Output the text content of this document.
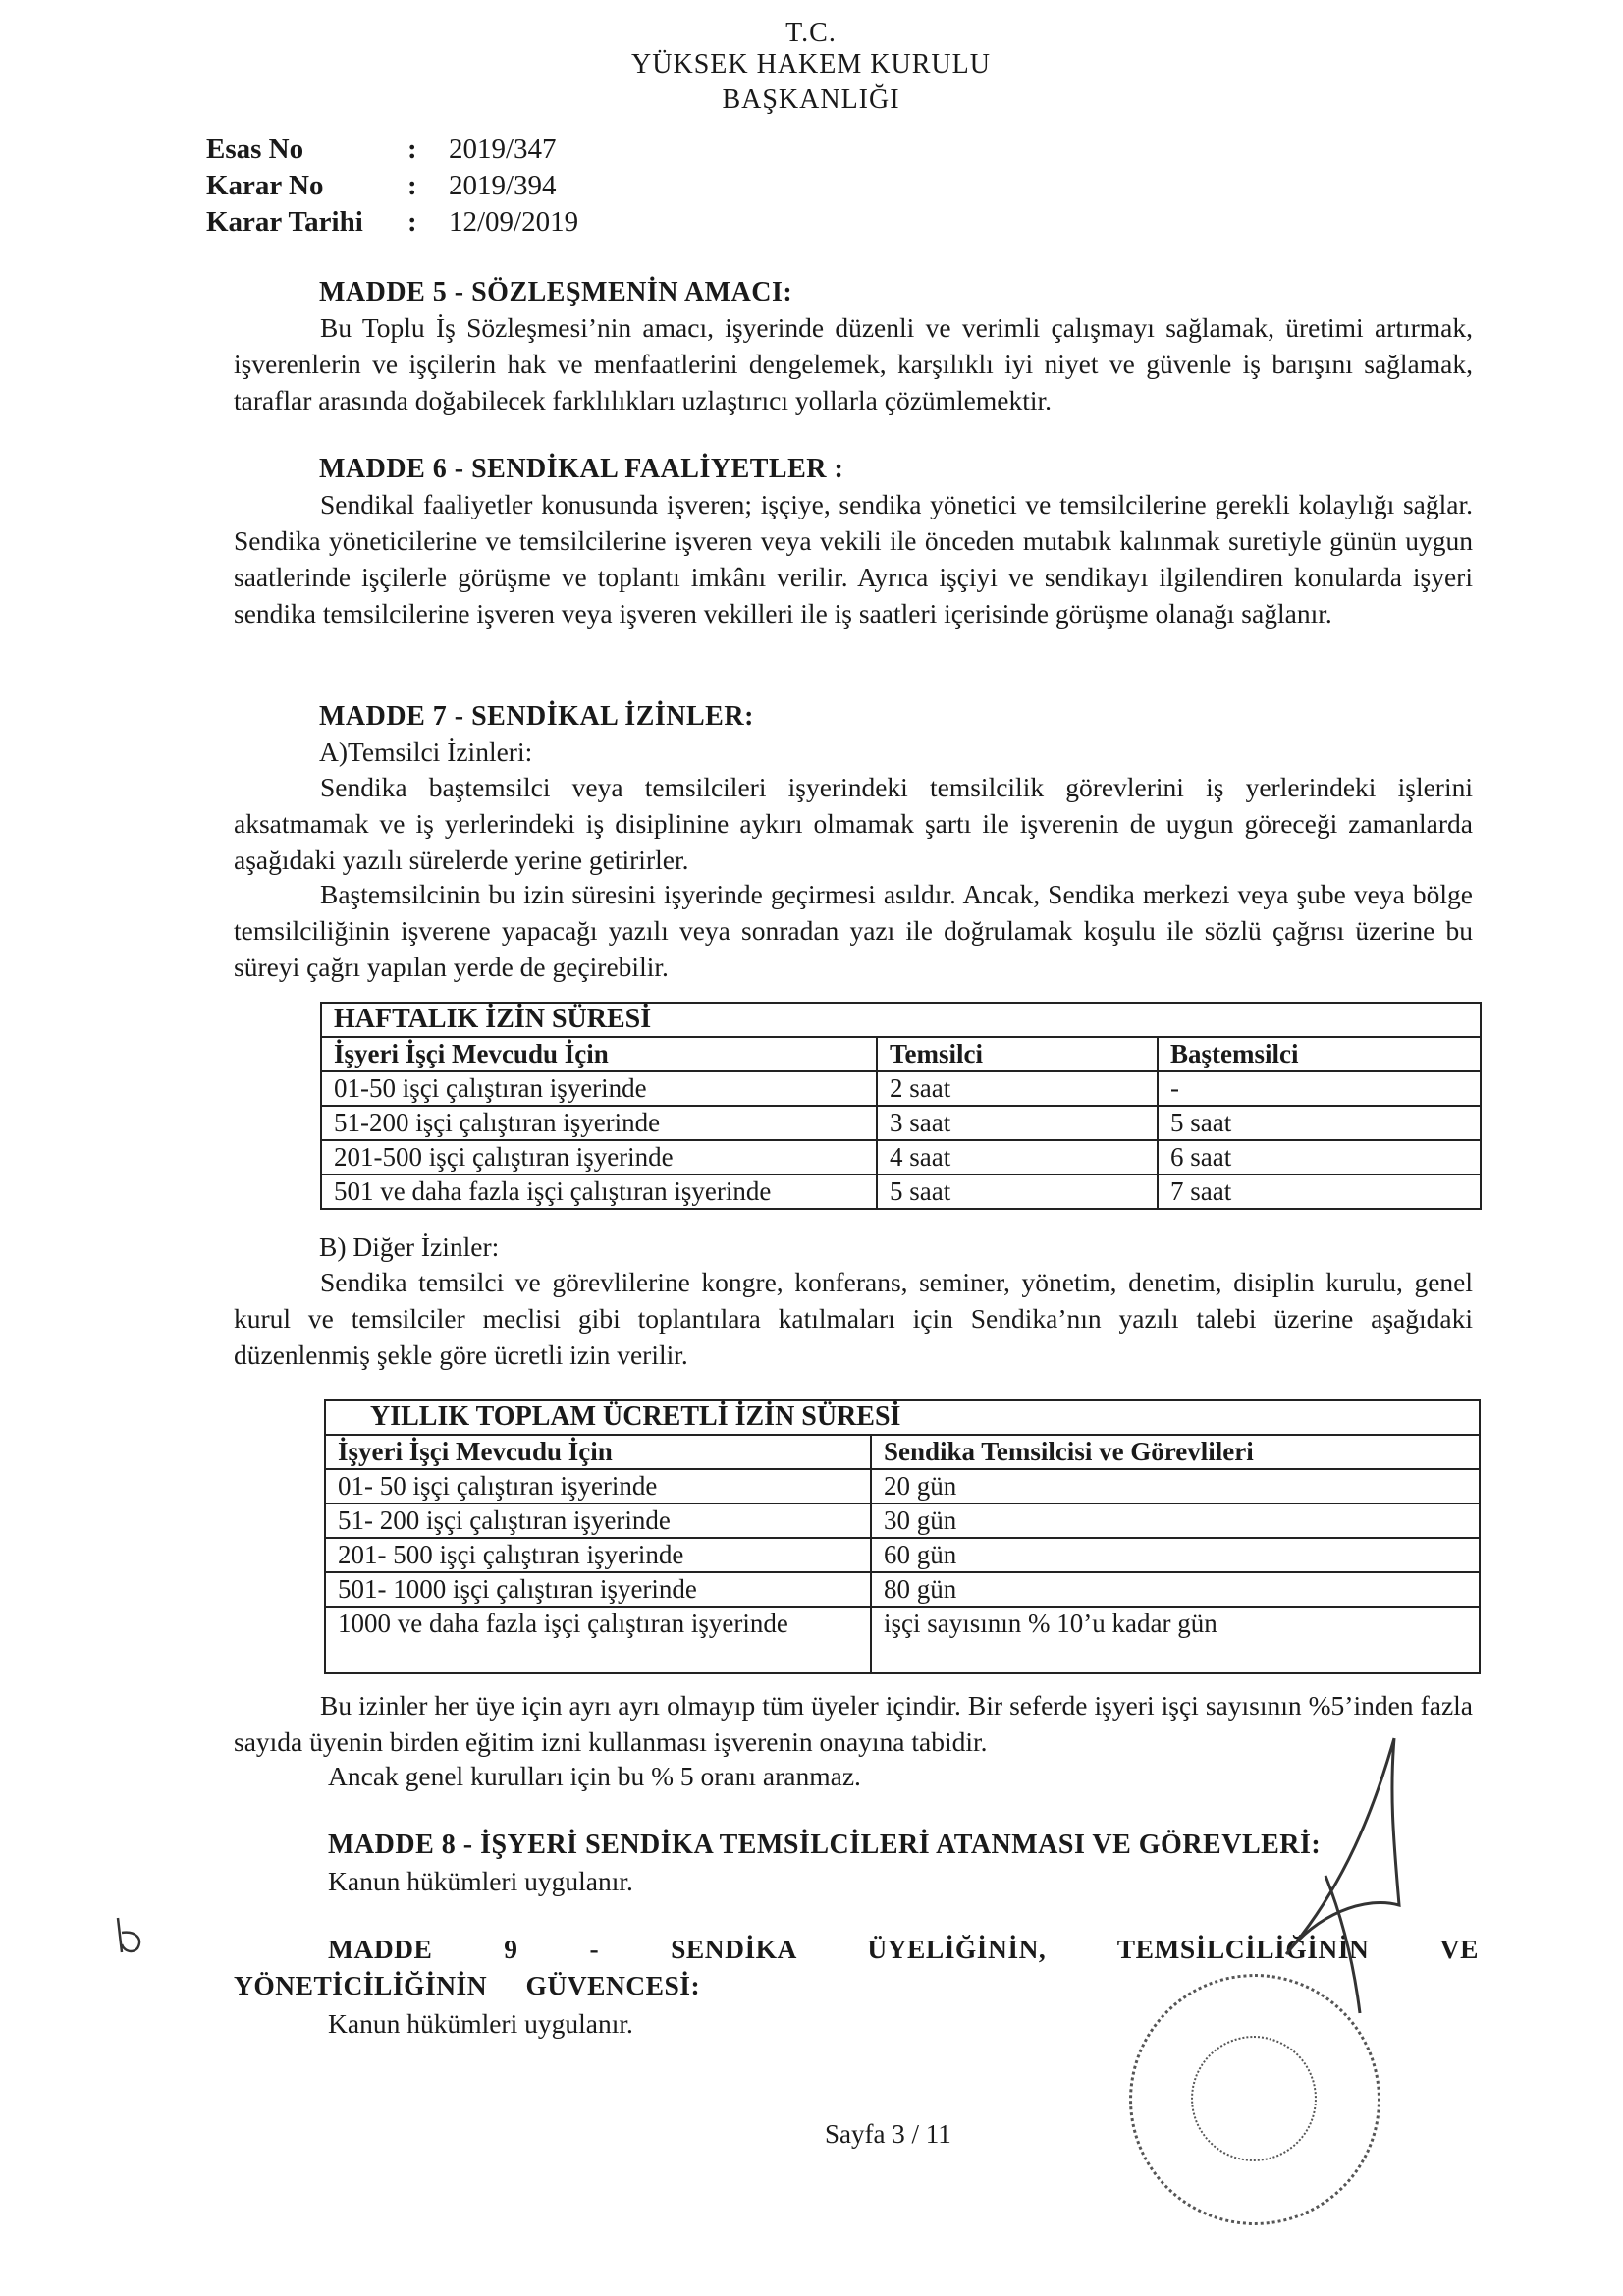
T.C.
YÜKSEK HAKEM KURULU
BAŞKANLIĞI
Esas No	: 2019/347
Karar No	: 2019/394
Karar Tarihi : 12/09/2019
MADDE 5 - SÖZLEŞMENİN AMACI:
Bu Toplu İş Sözleşmesi’nin amacı, işyerinde düzenli ve verimli çalışmayı sağlamak, üretimi artırmak, işverenlerin ve işçilerin hak ve menfaatlerini dengelemek, karşılıklı iyi niyet ve güvenle iş barışını sağlamak, taraflar arasında doğabilecek farklılıkları uzlaştırıcı yollarla çözümlemektir.
MADDE 6 - SENDİKAL FAALİYETLER :
Sendikal faaliyetler konusunda işveren; işçiye, sendika yönetici ve temsilcilerine gerekli kolaylığı sağlar. Sendika yöneticilerine ve temsilcilerine işveren veya vekili ile önceden mutabık kalınmak suretiyle günün uygun saatlerinde işçilerle görüşme ve toplantı imkânı verilir. Ayrıca işçiyi ve sendikayı ilgilendiren konularda işyeri sendika temsilcilerine işveren veya işveren vekilleri ile iş saatleri içerisinde görüşme olanağı sağlanır.
MADDE 7 - SENDİKAL İZİNLER:
A)Temsilci İzinleri:
Sendika baştemsilci veya temsilcileri işyerindeki temsilcilik görevlerini iş yerlerindeki işlerini aksatmamak ve iş yerlerindeki iş disiplinine aykırı olmamak şartı ile işverenin de uygun göreceği zamanlarda aşağıdaki yazılı sürelerde yerine getirirler.
Baştemsilcinin bu izin süresini işyerinde geçirmesi asıldır. Ancak, Sendika merkezi veya şube veya bölge temsilciliğinin işverene yapacağı yazılı veya sonradan yazı ile doğrulamak koşulu ile sözlü çağrısı üzerine bu süreyi çağrı yapılan yerde de geçirebilir.
HAFTALIK İZİN SÜRESİ		
İşyeri İşçi Mevcudu İçin	Temsilci	Baştemsilci
01-50 işçi çalıştıran işyerinde	2 saat	-
51-200 işçi çalıştıran işyerinde	3 saat	5 saat
201-500 işçi çalıştıran işyerinde	4 saat	6 saat
501 ve daha fazla işçi çalıştıran işyerinde	5 saat	7 saat
B) Diğer İzinler:
Sendika temsilci ve görevlilerine kongre, konferans, seminer, yönetim, denetim, disiplin kurulu, genel kurul ve temsilciler meclisi gibi toplantılara katılmaları için Sendika’nın yazılı talebi üzerine aşağıdaki düzenlenmiş şekle göre ücretli izin verilir.
YILLIK TOPLAM ÜCRETLİ İZİN SÜRESİ	
İşyeri İşçi Mevcudu İçin	Sendika Temsilcisi ve Görevlileri
01- 50 işçi çalıştıran işyerinde	20 gün
51- 200 işçi çalıştıran işyerinde	30 gün
201- 500 işçi çalıştıran işyerinde	60 gün
501- 1000 işçi çalıştıran işyerinde	80 gün
1000 ve daha fazla işçi çalıştıran işyerinde	işçi sayısının % 10’u kadar gün
Bu izinler her üye için ayrı ayrı olmayıp tüm üyeler içindir. Bir seferde işyeri işçi sayısının %5’inden fazla sayıda üyenin birden eğitim izni kullanması işverenin onayına tabidir.
Ancak genel kurulları için bu % 5 oranı aranmaz.
MADDE 8 - İŞYERİ SENDİKA TEMSİLCİLERİ ATANMASI VE GÖREVLERİ:
Kanun hükümleri uygulanır.
MADDE 9 - SENDİKA ÜYELİĞİNİN, TEMSİLCİLİĞİNİN VE YÖNETİCİLİĞİNİN GÜVENCESİ:
Kanun hükümleri uygulanır.
Sayfa 3 / 11
